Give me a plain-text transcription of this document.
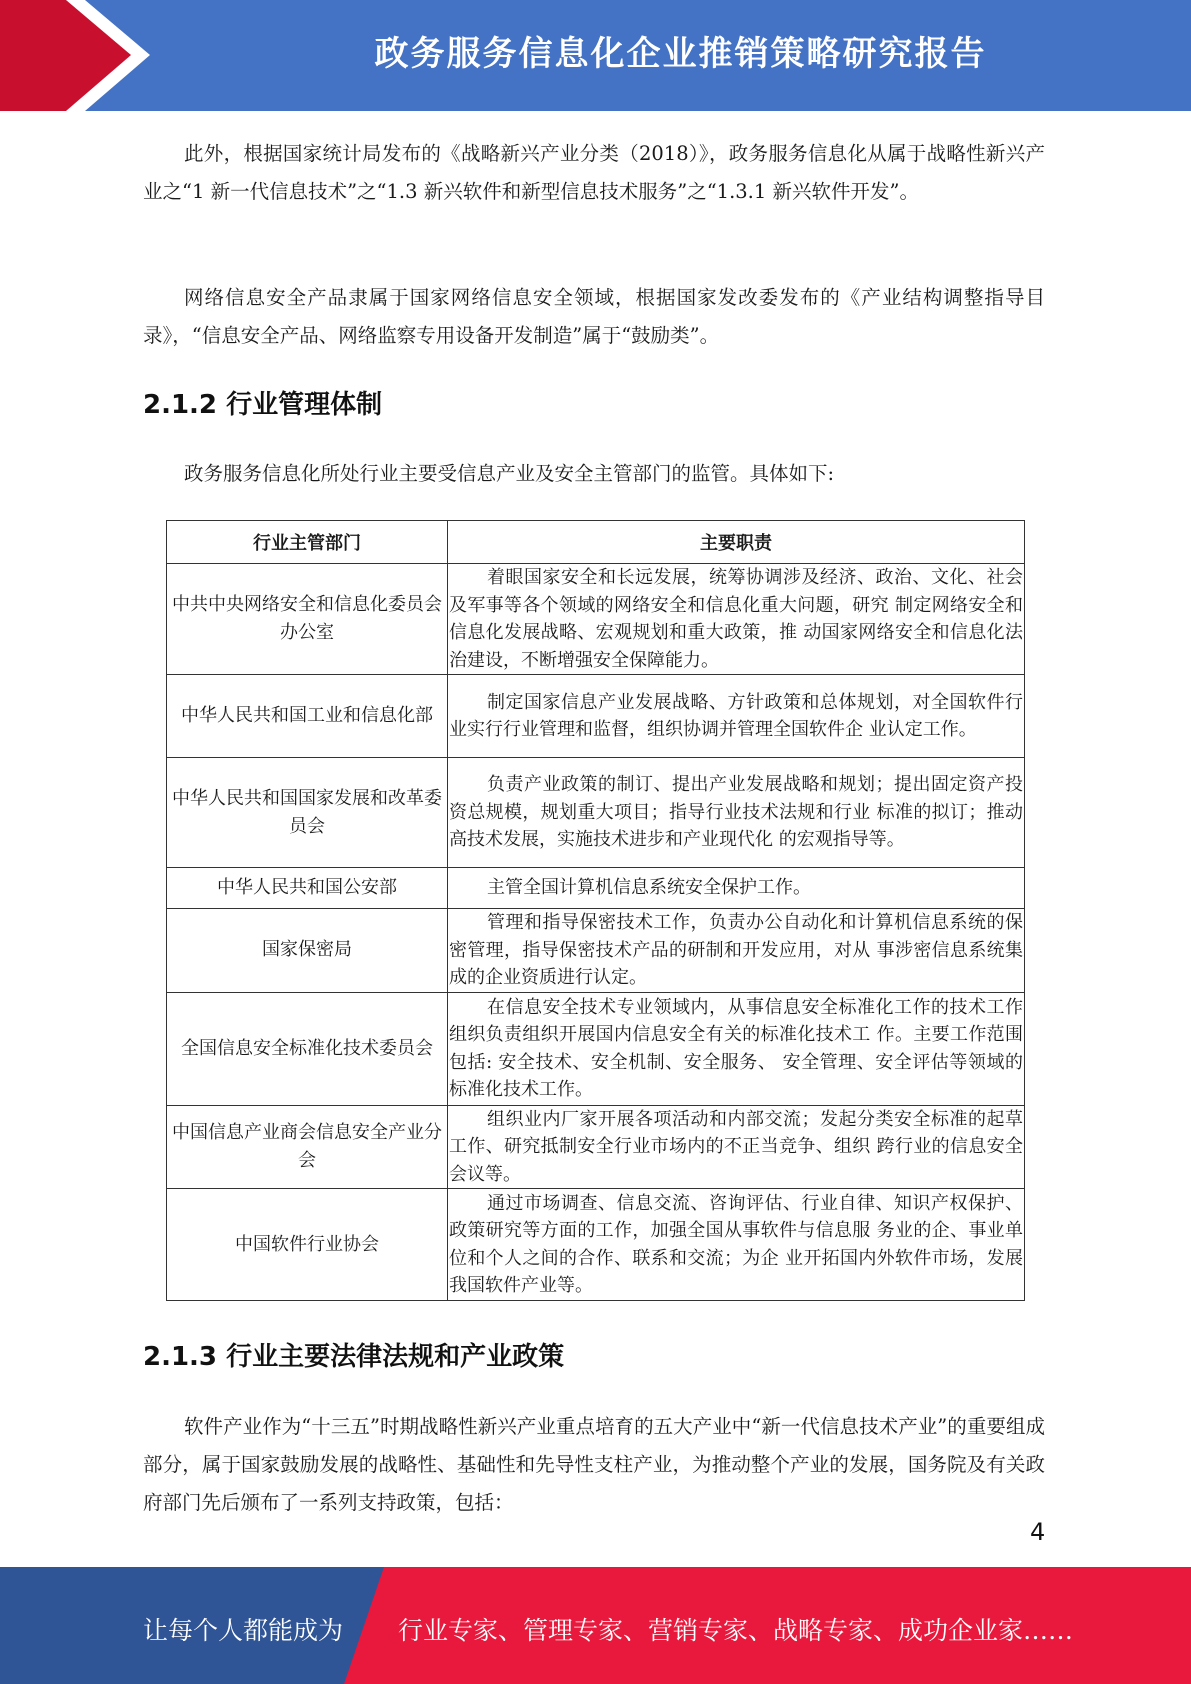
政务服务信息化企业推销策略研究报告
此外，根据国家统计局发布的《战略新兴产业分类（2018）》，政务服务信息化从属于战略性新兴产业之“1 新一代信息技术”之“1.3 新兴软件和新型信息技术服务”之“1.3.1 新兴软件开发”。
网络信息安全产品隶属于国家网络信息安全领域，根据国家发改委发布的《产业结构调整指导目录》，“信息安全产品、网络监察专用设备开发制造”属于“鼓励类”。
2.1.2 行业管理体制
政务服务信息化所处行业主要受信息产业及安全主管部门的监管。具体如下:
行业主管部门	主要职责
中共中央网络安全和信息化委员会办公室	着眼国家安全和长远发展，统筹协调涉及经济、政治、文化、社会及军事等各个领域的网络安全和信息化重大问题，研究 制定网络安全和信息化发展战略、宏观规划和重大政策，推 动国家网络安全和信息化法治建设，不断增强安全保障能力。
中华人民共和国工业和信息化部	制定国家信息产业发展战略、方针政策和总体规划，对全国软件行业实行行业管理和监督，组织协调并管理全国软件企 业认定工作。
中华人民共和国国家发展和改革委员会	负责产业政策的制订、提出产业发展战略和规划；提出固定资产投资总规模，规划重大项目；指导行业技术法规和行业 标准的拟订；推动高技术发展，实施技术进步和产业现代化 的宏观指导等。
中华人民共和国公安部	主管全国计算机信息系统安全保护工作。
国家保密局	管理和指导保密技术工作，负责办公自动化和计算机信息系统的保密管理，指导保密技术产品的研制和开发应用，对从 事涉密信息系统集成的企业资质进行认定。
全国信息安全标准化技术委员会	在信息安全技术专业领域内，从事信息安全标准化工作的技术工作组织负责组织开展国内信息安全有关的标准化技术工 作。主要工作范围包括: 安全技术、安全机制、安全服务、 安全管理、安全评估等领域的标准化技术工作。
中国信息产业商会信息安全产业分会	组织业内厂家开展各项活动和内部交流；发起分类安全标准的起草工作、研究抵制安全行业市场内的不正当竞争、组织 跨行业的信息安全会议等。
中国软件行业协会	通过市场调查、信息交流、咨询评估、行业自律、知识产权保护、政策研究等方面的工作，加强全国从事软件与信息服 务业的企、事业单位和个人之间的合作、联系和交流；为企 业开拓国内外软件市场，发展我国软件产业等。
2.1.3 行业主要法律法规和产业政策
软件产业作为“十三五”时期战略性新兴产业重点培育的五大产业中“新一代信息技术产业”的重要组成部分，属于国家鼓励发展的战略性、基础性和先导性支柱产业，为推动整个产业的发展，国务院及有关政府部门先后颁布了一系列支持政策，包括：
4
让每个人都能成为 行业专家、管理专家、营销专家、战略专家、成功企业家……
